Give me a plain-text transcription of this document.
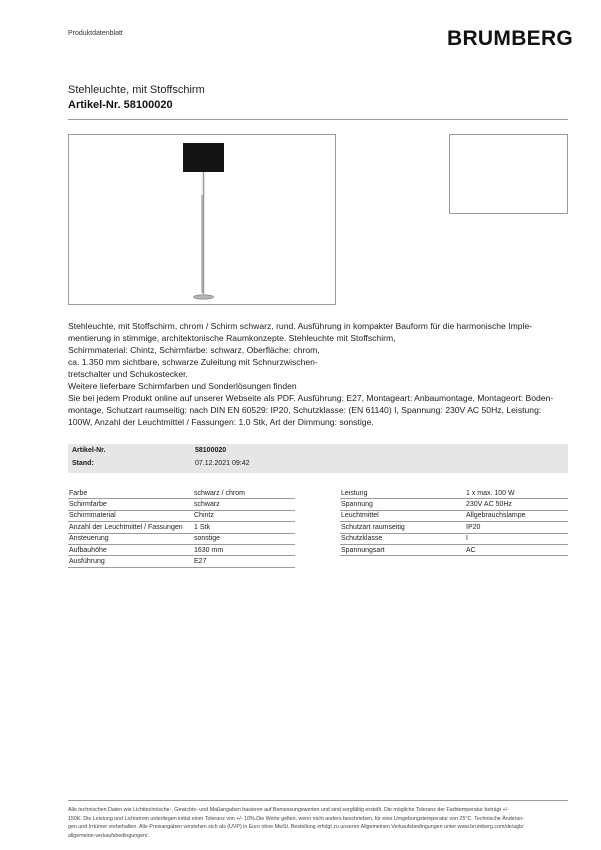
Produktdatenblatt	BRUMBERG
Stehleuchte, mit Stoffschirm
Artikel-Nr. 58100020
Stehleuchte, mit Stoffschirm, chrom / Schirm schwarz, rund. Ausführung in kompakter Bauform für die harmonische Imple-
mentierung in stimmige, architektonische Raumkonzepte. Stehleuchte mit Stoffschirm,
Schirmmaterial: Chintz, Schirmfarbe: schwarz, Oberfläche: chrom,
ca. 1.350 mm sichtbare, schwarze Zuleitung mit Schnurzwischen-
tretschalter und Schukostecker.
Weitere lieferbare Schirmfarben und Sonderlösungen finden
Sie bei jedem Produkt online auf unserer Webseite als PDF. Ausführung: E27, Montageart: Anbaumontage, Montageort: Boden-
montage, Schutzart raumseitig: nach DIN EN 60529: IP20, Schutzklasse: (EN 61140) I, Spannung: 230V AC 50Hz, Leistung:
100W, Anzahl der Leuchtmittel / Fassungen: 1.0 Stk, Art der Dimmung: sonstige.
Artikel-Nr.	58100020
Stand:	07.12.2021 09:42
Farbe	schwarz / chrom
Schirmfarbe	schwarz
Schirmmaterial	Chintz
Anzahl der Leuchtmittel / Fassungen	1 Stk
Ansteuerung	sonstige
Aufbauhöhe	1630 mm
Ausführung	E27
Leistung	1 x max. 100 W
Spannung	230V AC 50Hz
Leuchtmittel	Allgebrauchslampe
Schutzart raumseitig	IP20
Schutzklasse	I
Spannungsart	AC
Alle technischen Daten wie Lichttechnische-, Gewichts- und Maßangaben basieren auf Bemessungswerten und sind sorgfältig erstellt. Die mögliche Toleranz der Farbtemperatur beträgt +/-
150K. Die Leistung und Lichtstrom unterliegen initial einer Toleranz von +/- 10%.Die Werte gelten, wenn nicht anders beschrieben, für eine Umgebungstemperatur von 25°C. Technische Änderun-
gen und Irrtümer vorbehalten. Alle Preisangaben verstehen sich als (UVP) in Euro ohne MwSt. Bestellung erfolgt zu unseren Allgemeinen Verkaufsbedingungen unter www.brumberg.com/de/agb/
allgemeine-verkaufsbedingungen/.
